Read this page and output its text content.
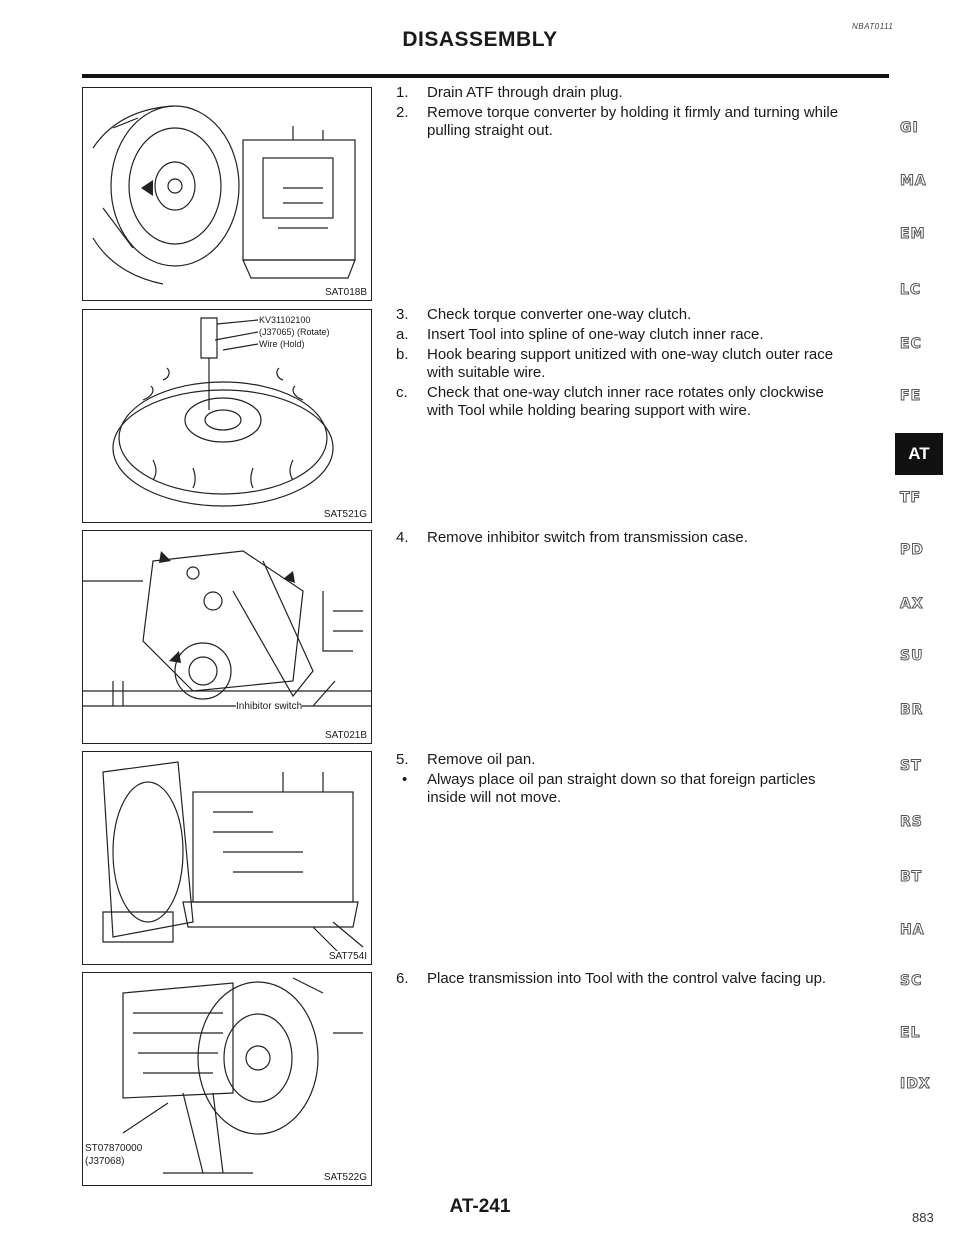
DISASSEMBLY
NBAT0111
SAT018B
KV31102100
(J37065) (Rotate)
Wire (Hold)
SAT521G
Inhibitor switch
SAT021B
SAT754I
ST07870000
(J37068)
SAT522G
1.	Drain ATF through drain plug.
2.	Remove torque converter by holding it firmly and turning while
pulling straight out.
3.	Check torque converter one-way clutch.
a.	Insert Tool into spline of one-way clutch inner race.
b.	Hook bearing support unitized with one-way clutch outer race
with suitable wire.
c.	Check that one-way clutch inner race rotates only clockwise
with Tool while holding bearing support with wire.
4.	Remove inhibitor switch from transmission case.
5.	Remove oil pan.
•	Always place oil pan straight down so that foreign particles
inside will not move.
6.	Place transmission into Tool with the control valve facing up.
GI
MA
EM
LC
EC
FE
AT
TF
PD
AX
SU
BR
ST
RS
BT
HA
SC
EL
IDX
AT-241
883
